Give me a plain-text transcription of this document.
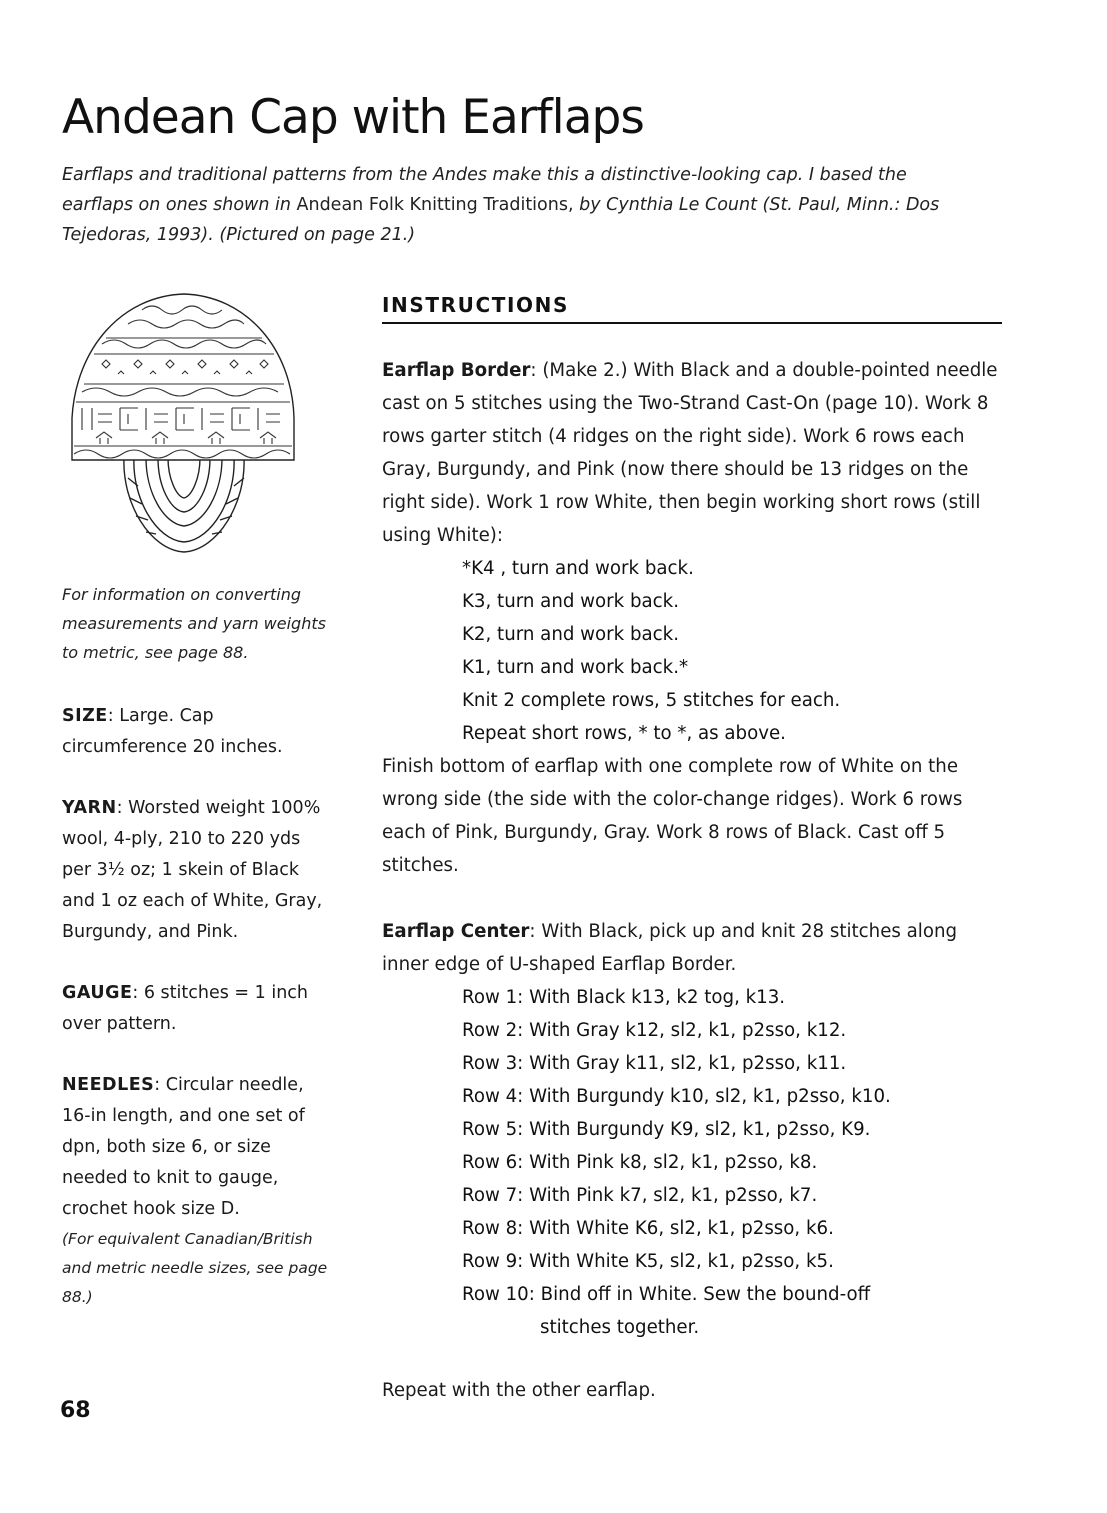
Andean Cap with Earflaps

Earflaps and traditional patterns from the Andes make this a distinctive-looking cap. I based the earflaps on ones shown in Andean Folk Knitting Traditions, by Cynthia Le Count (St. Paul, Minn.: Dos Tejedoras, 1993). (Pictured on page 21.)

For information on converting measurements and yarn weights to metric, see page 88.

SIZE: Large. Cap circumference 20 inches.

YARN: Worsted weight 100% wool, 4-ply, 210 to 220 yds per 3½ oz; 1 skein of Black and 1 oz each of White, Gray, Burgundy, and Pink.

GAUGE: 6 stitches = 1 inch over pattern.

NEEDLES: Circular needle, 16-in length, and one set of dpn, both size 6, or size needed to knit to gauge, crochet hook size D.
(For equivalent Canadian/British and metric needle sizes, see page 88.)

68
INSTRUCTIONS

Earflap Border: (Make 2.) With Black and a double-pointed needle cast on 5 stitches using the Two-Strand Cast-On (page 10). Work 8 rows garter stitch (4 ridges on the right side). Work 6 rows each Gray, Burgundy, and Pink (now there should be 13 ridges on the right side). Work 1 row White, then begin working short rows (still using White):

*K4 , turn and work back.
K3, turn and work back.
K2, turn and work back.
K1, turn and work back.*
Knit 2 complete rows, 5 stitches for each.
Repeat short rows, * to *, as above.

Finish bottom of earflap with one complete row of White on the wrong side (the side with the color-change ridges). Work 6 rows each of Pink, Burgundy, Gray. Work 8 rows of Black. Cast off 5 stitches.

Earflap Center: With Black, pick up and knit 28 stitches along inner edge of U-shaped Earflap Border.

Row 1: With Black k13, k2 tog, k13.
Row 2: With Gray k12, sl2, k1, p2sso, k12.
Row 3: With Gray k11, sl2, k1, p2sso, k11.
Row 4: With Burgundy k10, sl2, k1, p2sso, k10.
Row 5: With Burgundy K9, sl2, k1, p2sso, K9.
Row 6: With Pink k8, sl2, k1, p2sso, k8.
Row 7: With Pink k7, sl2, k1, p2sso, k7.
Row 8: With White K6, sl2, k1, p2sso, k6.
Row 9: With White K5, sl2, k1, p2sso, k5.
Row 10: Bind off in White. Sew the bound-off
stitches together.

Repeat with the other earflap.
